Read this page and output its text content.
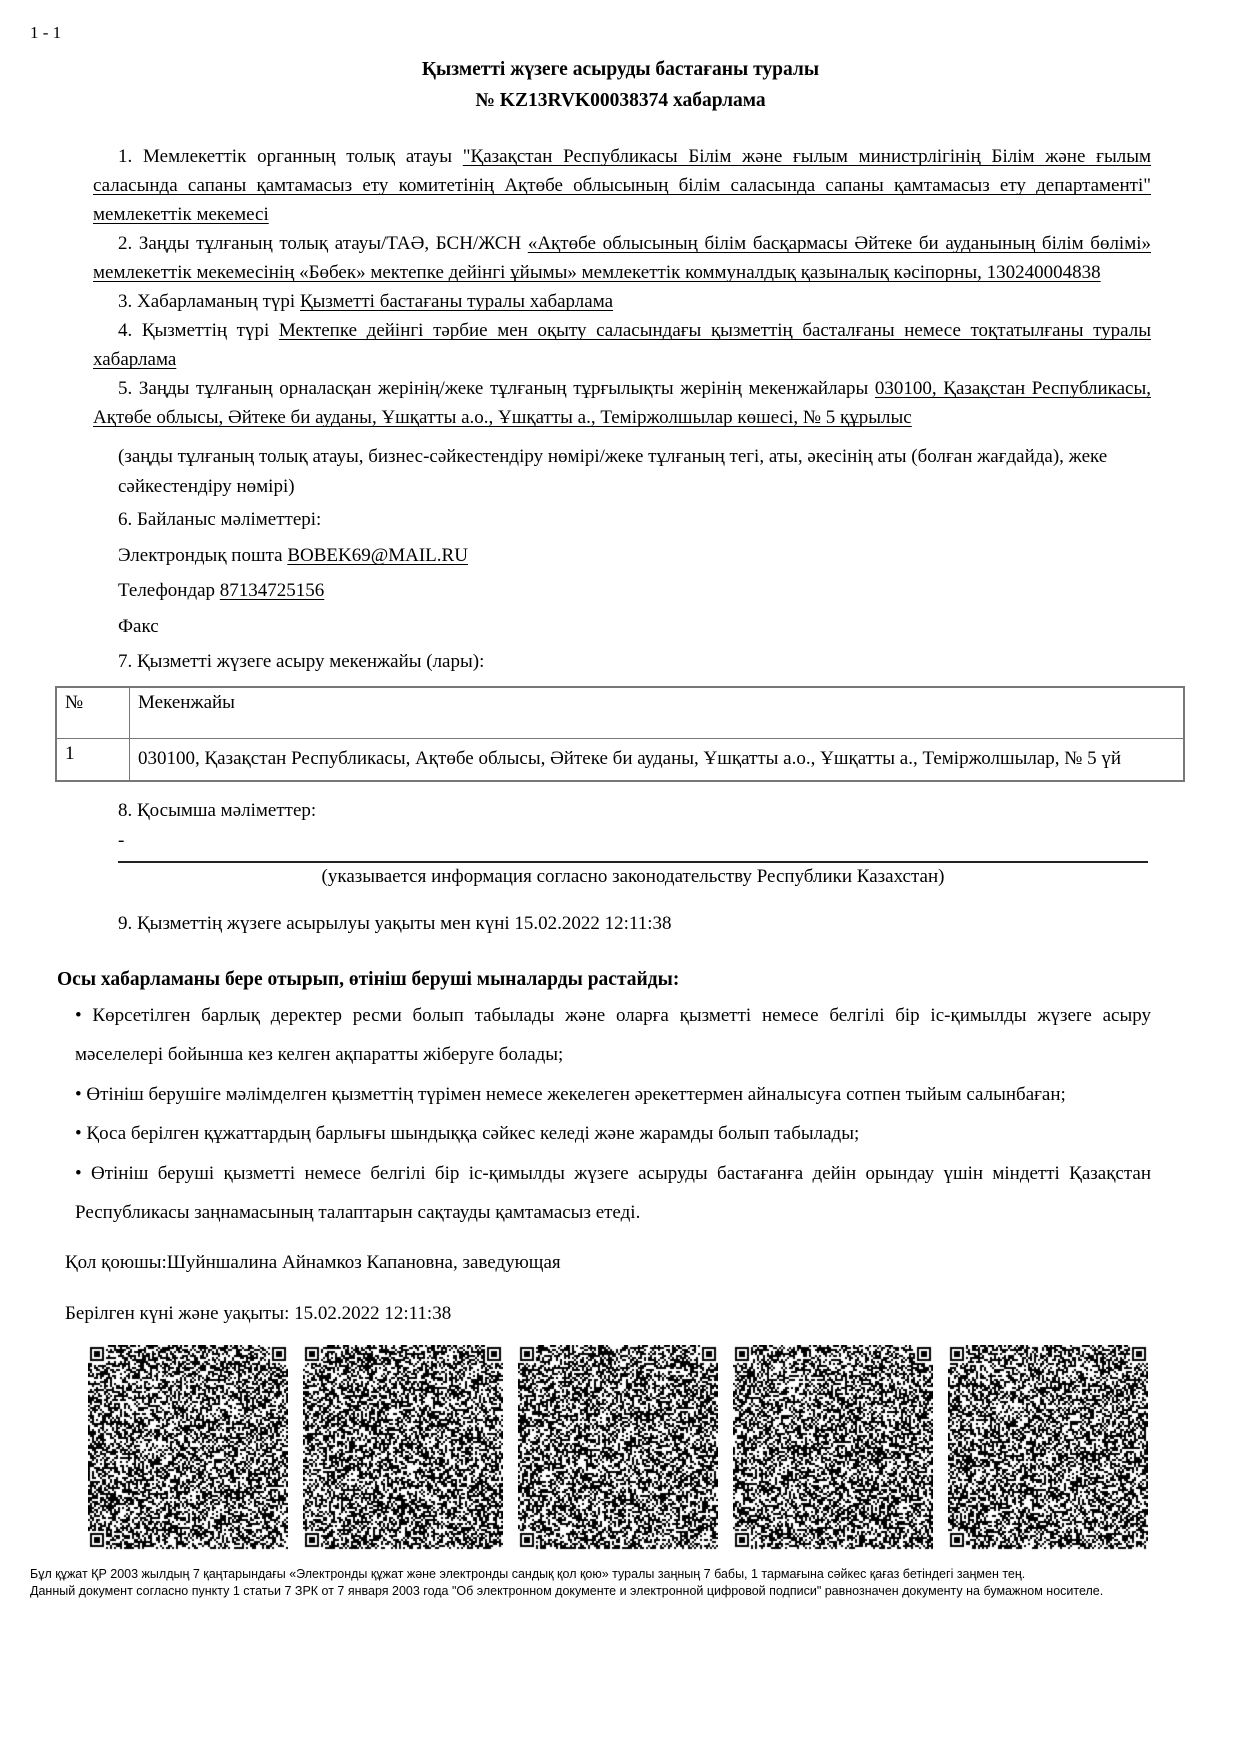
1 - 1
Қызметті жүзеге асыруды бастағаны туралы
№ KZ13RVK00038374 хабарлама

1. Мемлекеттік органның толық атауы "Қазақстан Республикасы Білім және ғылым министрлігінің Білім және ғылым саласында сапаны қамтамасыз ету комитетінің Ақтөбе облысының білім саласында сапаны қамтамасыз ету департаменті" мемлекеттік мекемесі

2. Заңды тұлғаның толық атауы/ТАӘ, БСН/ЖСН «Ақтөбе облысының білім басқармасы Әйтеке би ауданының білім бөлімі» мемлекеттік мекемесінің «Бөбек» мектепке дейінгі ұйымы» мемлекеттік коммуналдық қазыналық кәсіпорны, 130240004838

3. Хабарламаның түрі Қызметті бастағаны туралы хабарлама

4. Қызметтің түрі Мектепке дейінгі тәрбие мен оқыту саласындағы қызметтің басталғаны немесе тоқтатылғаны туралы хабарлама

5. Заңды тұлғаның орналасқан жерінің/жеке тұлғаның тұрғылықты жерінің мекенжайлары 030100, Қазақстан Республикасы, Ақтөбе облысы, Әйтеке би ауданы, Ұшқатты а.о., Ұшқатты а., Теміржолшылар көшесі, № 5 құрылыс

(заңды тұлғаның толық атауы, бизнес-сәйкестендіру нөмірі/жеке тұлғаның тегі, аты, әкесінің аты (болған жағдайда), жеке сәйкестендіру нөмірі)

6. Байланыс мәліметтері:

Электрондық пошта BOBEK69@MAIL.RU

Телефондар 87134725156

Факс

7. Қызметті жүзеге асыру мекенжайы (лары):

№	Мекенжайы
1	030100, Қазақстан Республикасы, Ақтөбе облысы, Әйтеке би ауданы, Ұшқатты а.о., Ұшқатты а., Теміржолшылар, № 5 үй

8. Қосымша мәліметтер:

-

(указывается информация согласно законодательству Республики Казахстан)

9. Қызметтің жүзеге асырылуы уақыты мен күні 15.02.2022 12:11:38

Осы хабарламаны бере отырып, өтініш беруші мыналарды растайды:

• Көрсетілген барлық деректер ресми болып табылады және оларға қызметті немесе белгілі бір іс-қимылды жүзеге асыру мәселелері бойынша кез келген ақпаратты жіберуге болады;

• Өтініш берушіге мәлімделген қызметтің түрімен немесе жекелеген әрекеттермен айналысуға сотпен тыйым салынбаған;

• Қоса берілген құжаттардың барлығы шындыққа сәйкес келеді және жарамды болып табылады;

• Өтініш беруші қызметті немесе белгілі бір іс-қимылды жүзеге асыруды бастағанға дейін орындау үшін міндетті Қазақстан Республикасы заңнамасының талаптарын сақтауды қамтамасыз етеді.

Қол қоюшы:Шуйншалина Айнамкоз Капановна, заведующая

Берілген күні және уақыты: 15.02.2022 12:11:38

Бұл құжат ҚР 2003 жылдың 7 қаңтарындағы «Электронды құжат және электронды сандық қол қою» туралы заңның 7 бабы, 1 тармағына сәйкес қағаз бетіндегі заңмен тең.
Данный документ согласно пункту 1 статьи 7 ЗРК от 7 января 2003 года "Об электронном документе и электронной цифровой подписи" равнозначен документу на бумажном носителе.
